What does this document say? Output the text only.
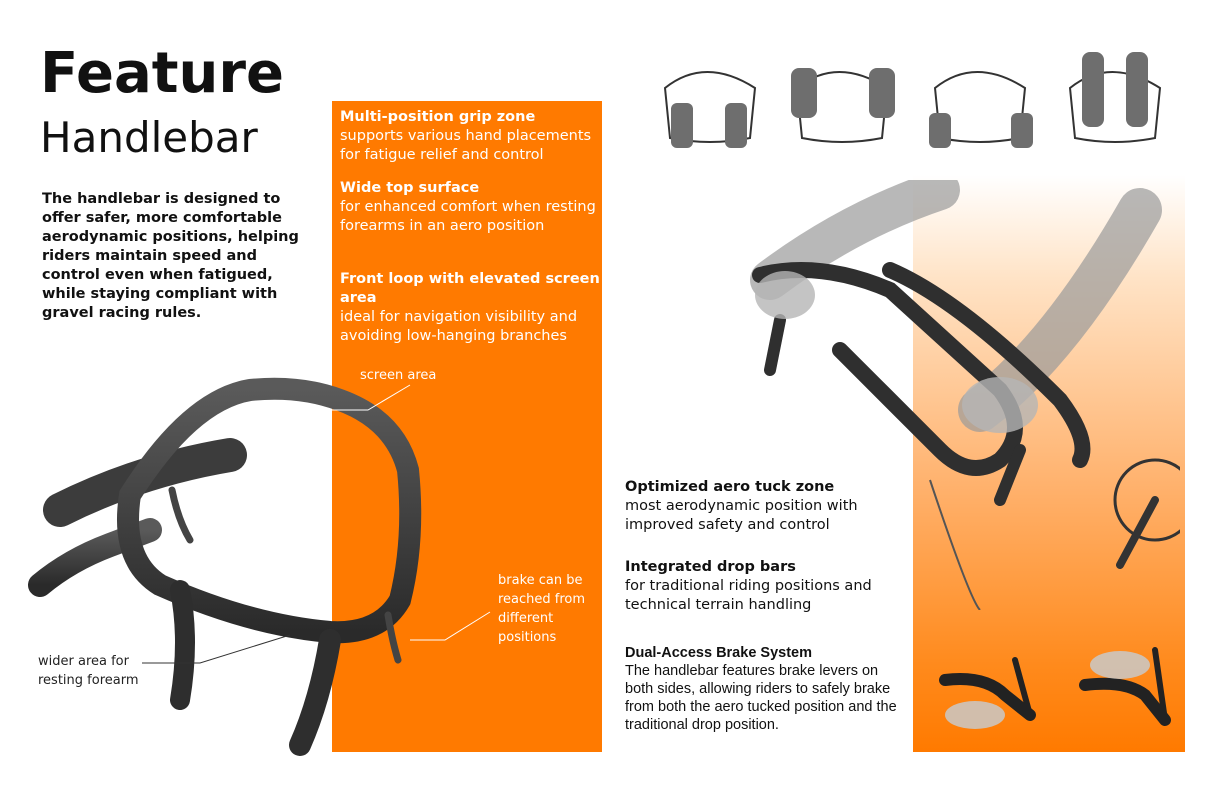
Feature
Handlebar
The handlebar is designed to offer safer, more comfortable aerodynamic positions, helping riders maintain speed and control even when fatigued, while staying compliant with gravel racing rules.
Multi-position grip zone
supports various hand placements for fatigue relief and control
Wide top surface
for enhanced comfort when resting forearms in an aero position
Front loop with elevated screen area
ideal for navigation visibility and avoiding low-hanging branches
screen area
brake can be reached from different positions
wider area for resting forearm
Optimized aero tuck zone
most aerodynamic position with improved safety and control
Integrated drop bars
for traditional riding positions and technical terrain handling
Dual-Access Brake System
The handlebar features brake levers on both sides, allowing riders to safely brake from both the aero tucked position and the traditional drop position.
